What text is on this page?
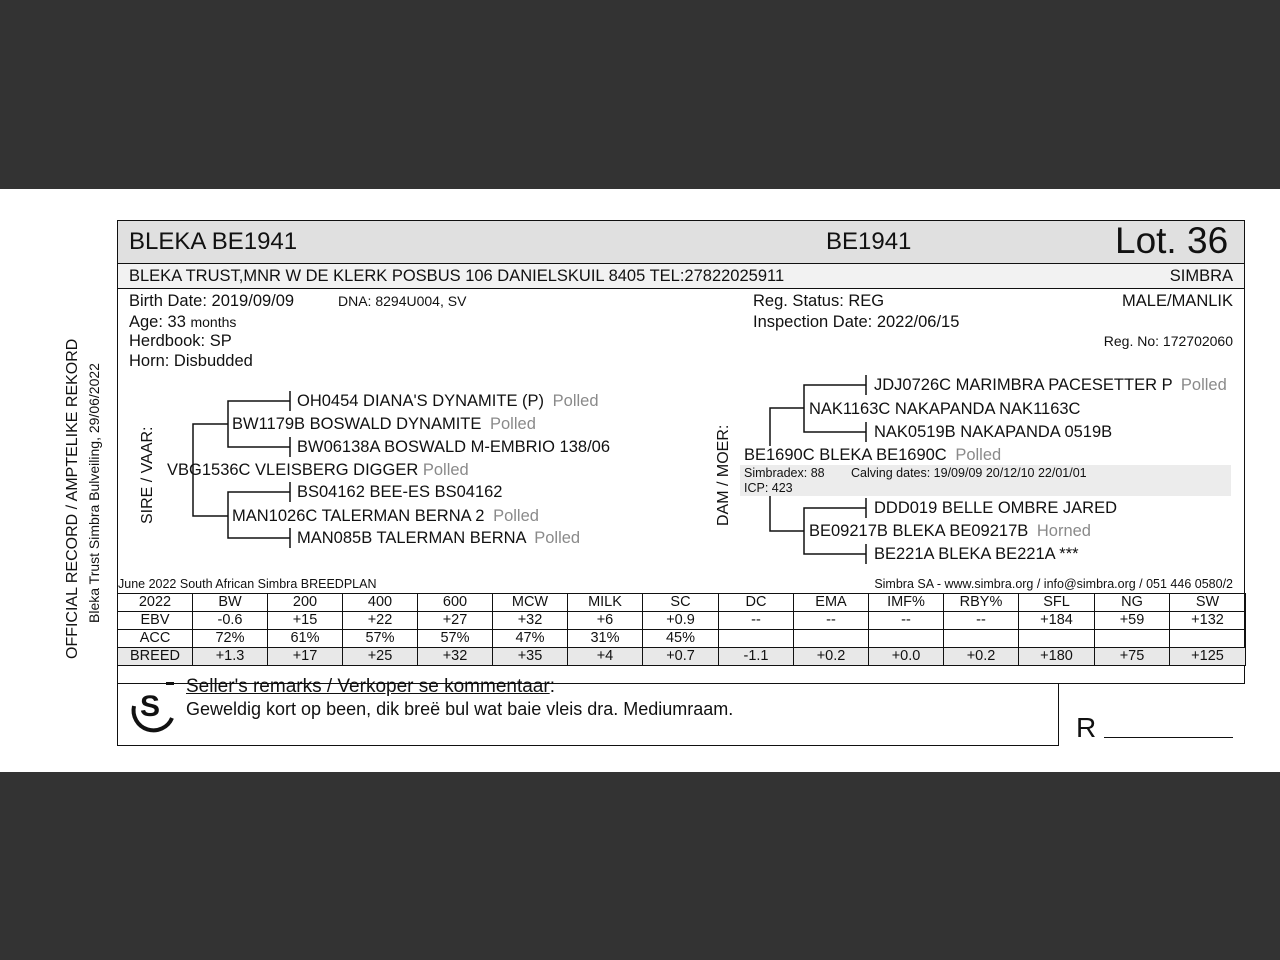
OFFICIAL RECORD / AMPTELIKE REKORD Bleka Trust Simbra Bulveiling, 29/06/2022
BLEKA BE1941	BE1941	Lot. 36
BLEKA TRUST,MNR W DE KLERK POSBUS 106 DANIELSKUIL 8405 TEL:27822025911	SIMBRA
Birth Date: 2019/09/09	DNA: 8294U004, SV
Age: 33 months
Herdbook: SP
Horn: Disbudded
Reg. Status: REG
Inspection Date: 2022/06/15
MALE/MANLIK
Reg. No: 172702060
SIRE / VAAR:	DAM / MOER:
OH0454 DIANA'S DYNAMITE (P) Polled
BW1179B BOSWALD DYNAMITE Polled
BW06138A BOSWALD M-EMBRIO 138/06
VBG1536C VLEISBERG DIGGER Polled
BS04162 BEE-ES BS04162
MAN1026C TALERMAN BERNA 2 Polled
MAN085B TALERMAN BERNA Polled
JDJ0726C MARIMBRA PACESETTER P Polled
NAK1163C NAKAPANDA NAK1163C
NAK0519B NAKAPANDA 0519B
BE1690C BLEKA BE1690C Polled
Simbradex: 88 Calving dates: 19/09/09 20/12/10 22/01/01
ICP: 423
DDD019 BELLE OMBRE JARED
BE09217B BLEKA BE09217B Horned
BE221A BLEKA BE221A ***
June 2022 South African Simbra BREEDPLAN	Simbra SA - www.simbra.org / info@simbra.org / 051 446 0580/2
2022	BW	200	400	600	MCW	MILK	SC	DC	EMA	IMF%	RBY%	SFL	NG	SW
EBV	-0.6	+15	+22	+27	+32	+6	+0.9	--	--	--	--	+184	+59	+132
ACC	72%	61%	57%	57%	47%	31%	45%							
BREED	+1.3	+17	+25	+32	+35	+4	+0.7	-1.1	+0.2	+0.0	+0.2	+180	+75	+125
S
Seller's remarks / Verkoper se kommentaar:
Geweldig kort op been, dik breë bul wat baie vleis dra. Mediumraam.
R
